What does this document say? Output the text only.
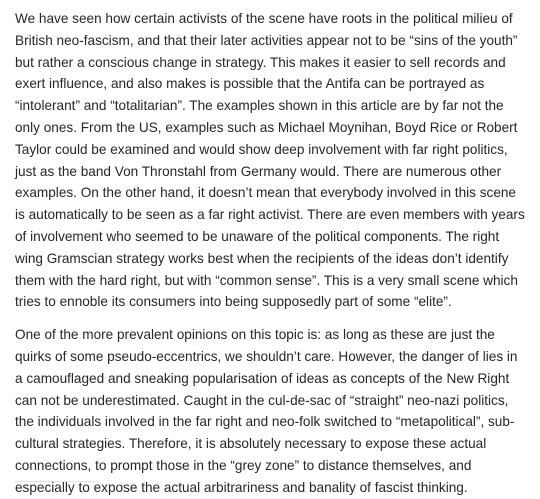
We have seen how certain activists of the scene have roots in the political milieu of
British neo-fascism, and that their later activities appear not to be “sins of the youth”
but rather a conscious change in strategy. This makes it easier to sell records and
exert influence, and also makes is possible that the Antifa can be portrayed as
“intolerant” and “totalitarian”. The examples shown in this article are by far not the
only ones. From the US, examples such as Michael Moynihan, Boyd Rice or Robert
Taylor could be examined and would show deep involvement with far right politics,
just as the band Von Thronstahl from Germany would. There are numerous other
examples. On the other hand, it doesn’t mean that everybody involved in this scene
is automatically to be seen as a far right activist. There are even members with years
of involvement who seemed to be unaware of the political components. The right
wing Gramscian strategy works best when the recipients of the ideas don’t identify
them with the hard right, but with “common sense”. This is a very small scene which
tries to ennoble its consumers into being supposedly part of some “elite”.

One of the more prevalent opinions on this topic is: as long as these are just the
quirks of some pseudo-eccentrics, we shouldn’t care. However, the danger of lies in
a camouflaged and sneaking popularisation of ideas as concepts of the New Right
can not be underestimated. Caught in the cul-de-sac of “straight” neo-nazi politics,
the individuals involved in the far right and neo-folk switched to “metapolitical”, sub-
cultural strategies. Therefore, it is absolutely necessary to expose these actual
connections, to prompt those in the “grey zone” to distance themselves, and
especially to expose the actual arbitrariness and banality of fascist thinking.
